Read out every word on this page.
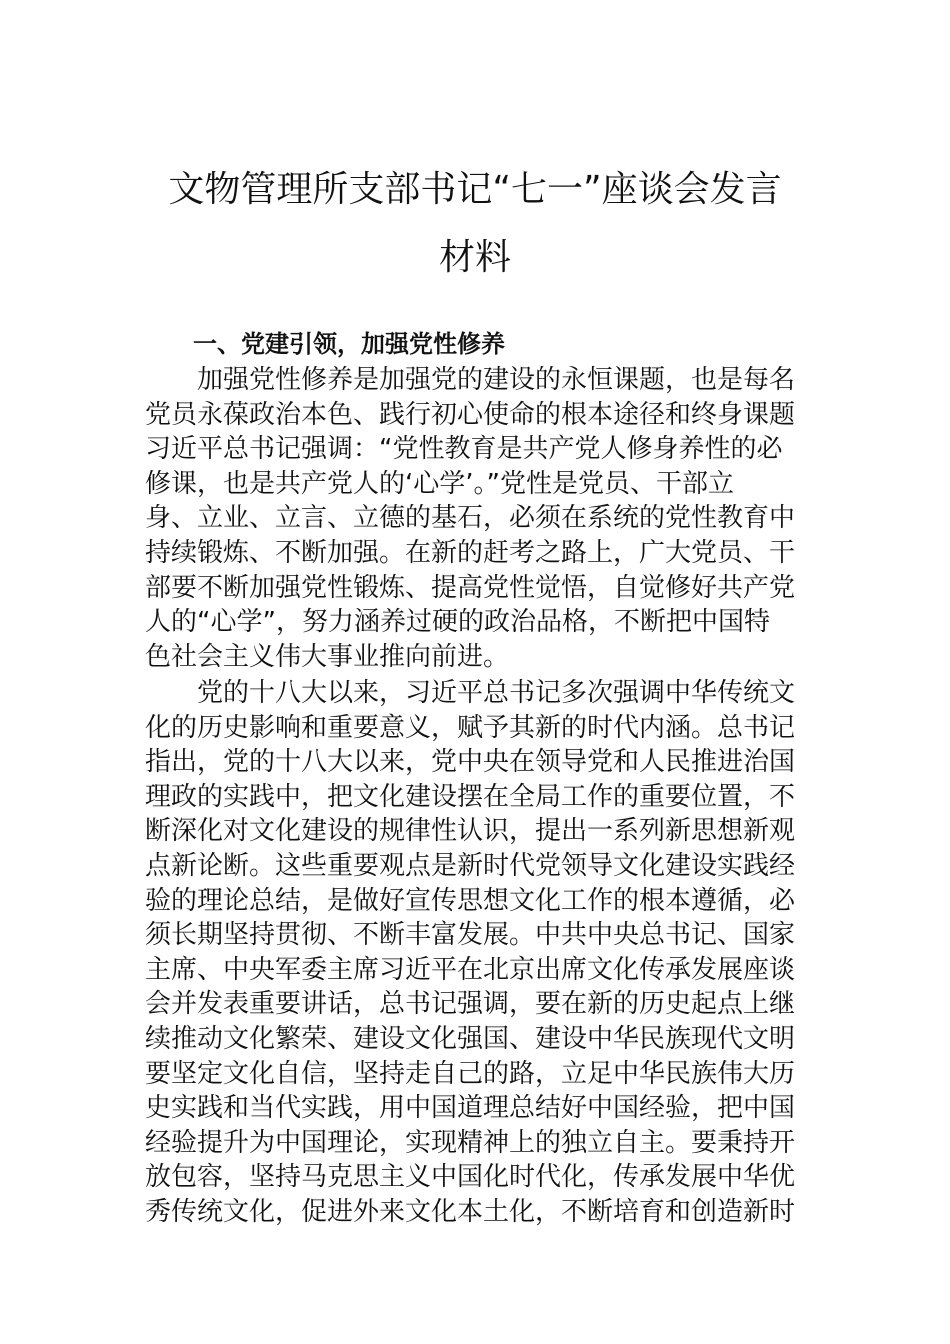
文物管理所支部书记“七一”座谈会发言
材料
一、党建引领，加强党性修养
加强党性修养是加强党的建设的永恒课题，也是每名
党员永葆政治本色、践行初心使命的根本途径和终身课题
习近平总书记强调：“党性教育是共产党人修身养性的必
修课，也是共产党人的‘心学’。”党性是党员、干部立
身、立业、立言、立德的基石，必须在系统的党性教育中
持续锻炼、不断加强。在新的赶考之路上，广大党员、干
部要不断加强党性锻炼、提高党性觉悟，自觉修好共产党
人的“心学”，努力涵养过硬的政治品格，不断把中国特
色社会主义伟大事业推向前进。
党的十八大以来，习近平总书记多次强调中华传统文
化的历史影响和重要意义，赋予其新的时代内涵。总书记
指出，党的十八大以来，党中央在领导党和人民推进治国
理政的实践中，把文化建设摆在全局工作的重要位置，不
断深化对文化建设的规律性认识，提出一系列新思想新观
点新论断。这些重要观点是新时代党领导文化建设实践经
验的理论总结，是做好宣传思想文化工作的根本遵循，必
须长期坚持贯彻、不断丰富发展。中共中央总书记、国家
主席、中央军委主席习近平在北京出席文化传承发展座谈
会并发表重要讲话，总书记强调，要在新的历史起点上继
续推动文化繁荣、建设文化强国、建设中华民族现代文明
要坚定文化自信，坚持走自己的路，立足中华民族伟大历
史实践和当代实践，用中国道理总结好中国经验，把中国
经验提升为中国理论，实现精神上的独立自主。要秉持开
放包容，坚持马克思主义中国化时代化，传承发展中华优
秀传统文化，促进外来文化本土化，不断培育和创造新时
